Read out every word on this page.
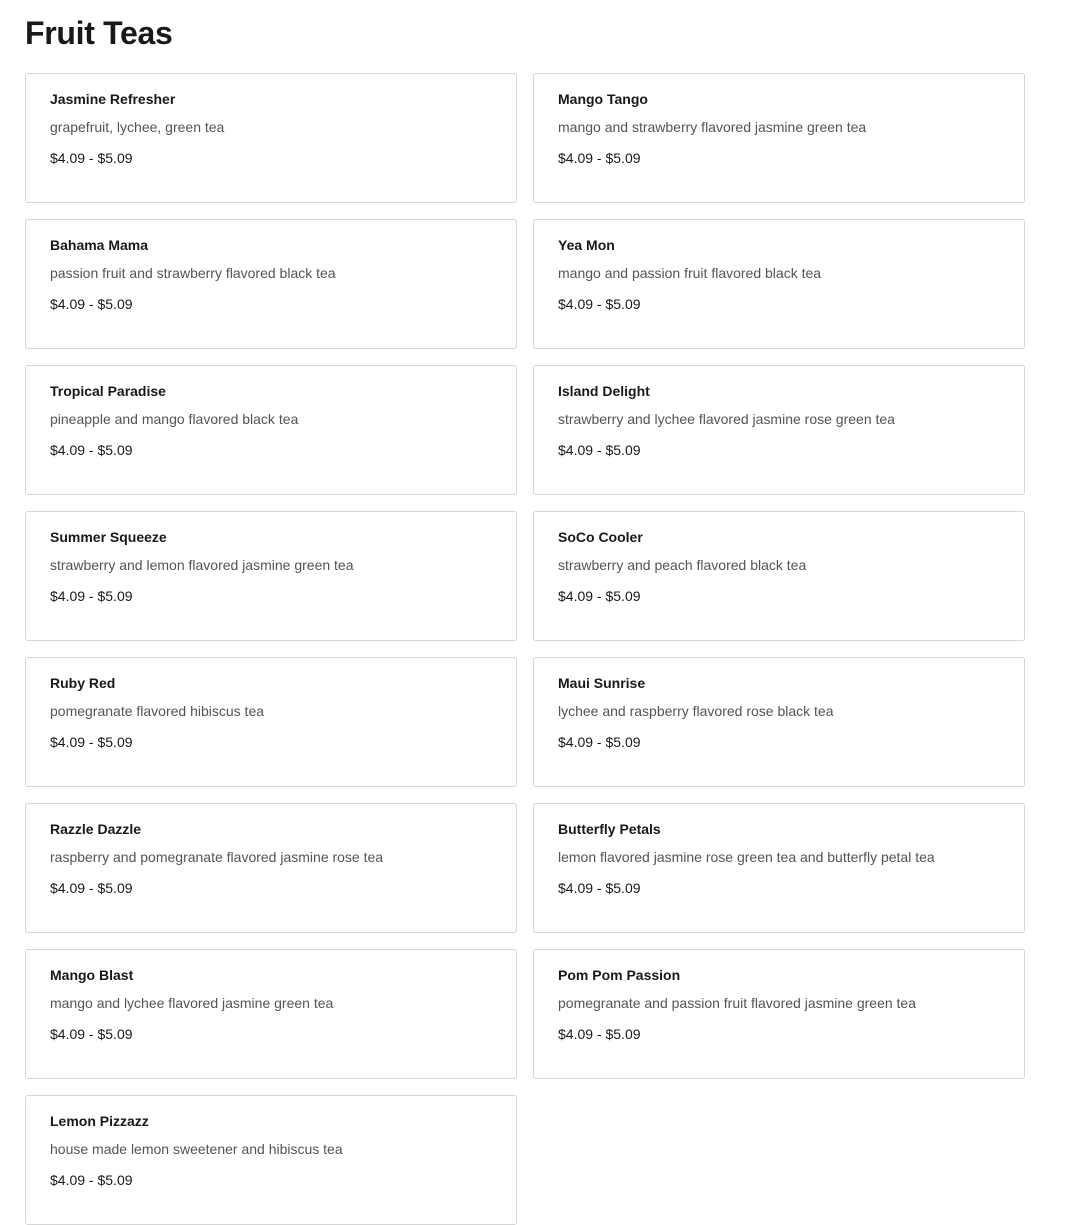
Fruit Teas
Jasmine Refresher
grapefruit, lychee, green tea
$4.09 - $5.09
Mango Tango
mango and strawberry flavored jasmine green tea
$4.09 - $5.09
Bahama Mama
passion fruit and strawberry flavored black tea
$4.09 - $5.09
Yea Mon
mango and passion fruit flavored black tea
$4.09 - $5.09
Tropical Paradise
pineapple and mango flavored black tea
$4.09 - $5.09
Island Delight
strawberry and lychee flavored jasmine rose green tea
$4.09 - $5.09
Summer Squeeze
strawberry and lemon flavored jasmine green tea
$4.09 - $5.09
SoCo Cooler
strawberry and peach flavored black tea
$4.09 - $5.09
Ruby Red
pomegranate flavored hibiscus tea
$4.09 - $5.09
Maui Sunrise
lychee and raspberry flavored rose black tea
$4.09 - $5.09
Razzle Dazzle
raspberry and pomegranate flavored jasmine rose tea
$4.09 - $5.09
Butterfly Petals
lemon flavored jasmine rose green tea and butterfly petal tea
$4.09 - $5.09
Mango Blast
mango and lychee flavored jasmine green tea
$4.09 - $5.09
Pom Pom Passion
pomegranate and passion fruit flavored jasmine green tea
$4.09 - $5.09
Lemon Pizzazz
house made lemon sweetener and hibiscus tea
$4.09 - $5.09
